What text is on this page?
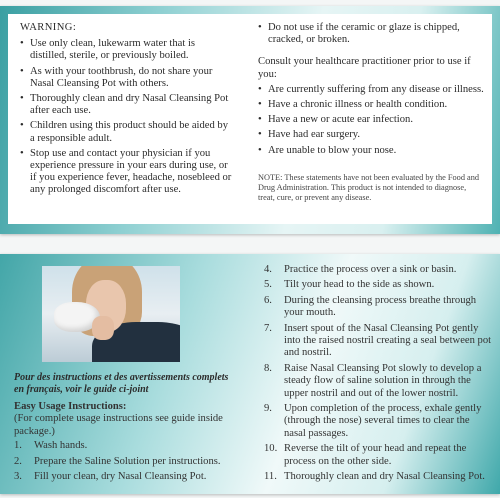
WARNING:

• Use only clean, lukewarm water that is distilled, sterile, or previously boiled.
• As with your toothbrush, do not share your Nasal Cleansing Pot with others.
• Thoroughly clean and dry Nasal Cleansing Pot after each use.
• Children using this product should be aided by a responsible adult.
• Stop use and contact your physician if you experience pressure in your ears during use, or if you experience fever, headache, nosebleed or any prolonged discomfort after use.
• Do not use if the ceramic or glaze is chipped, cracked, or broken.

Consult your healthcare practitioner prior to use if you:

• Are currently suffering from any disease or illness.
• Have a chronic illness or health condition.
• Have a new or acute ear infection.
• Have had ear surgery.
• Are unable to blow your nose.

NOTE: These statements have not been evaluated by the Food and Drug Administration. This product is not intended to diagnose, treat, cure, or prevent any disease.

Pour des instructions et des avertissements complets en français, voir le guide ci-joint

Easy Usage Instructions:

(For complete usage instructions see guide inside package.)

1. Wash hands.
2. Prepare the Saline Solution per instructions.
3. Fill your clean, dry Nasal Cleansing Pot.
4. Practice the process over a sink or basin.
5. Tilt your head to the side as shown.
6. During the cleansing process breathe through your mouth.
7. Insert spout of the Nasal Cleansing Pot gently into the raised nostril creating a seal between pot and nostril.
8. Raise Nasal Cleansing Pot slowly to develop a steady flow of saline solution in through the upper nostril and out of the lower nostril.
9. Upon completion of the process, exhale gently (through the nose) several times to clear the nasal passages.
10. Reverse the tilt of your head and repeat the process on the other side.
11. Thoroughly clean and dry Nasal Cleansing Pot.
